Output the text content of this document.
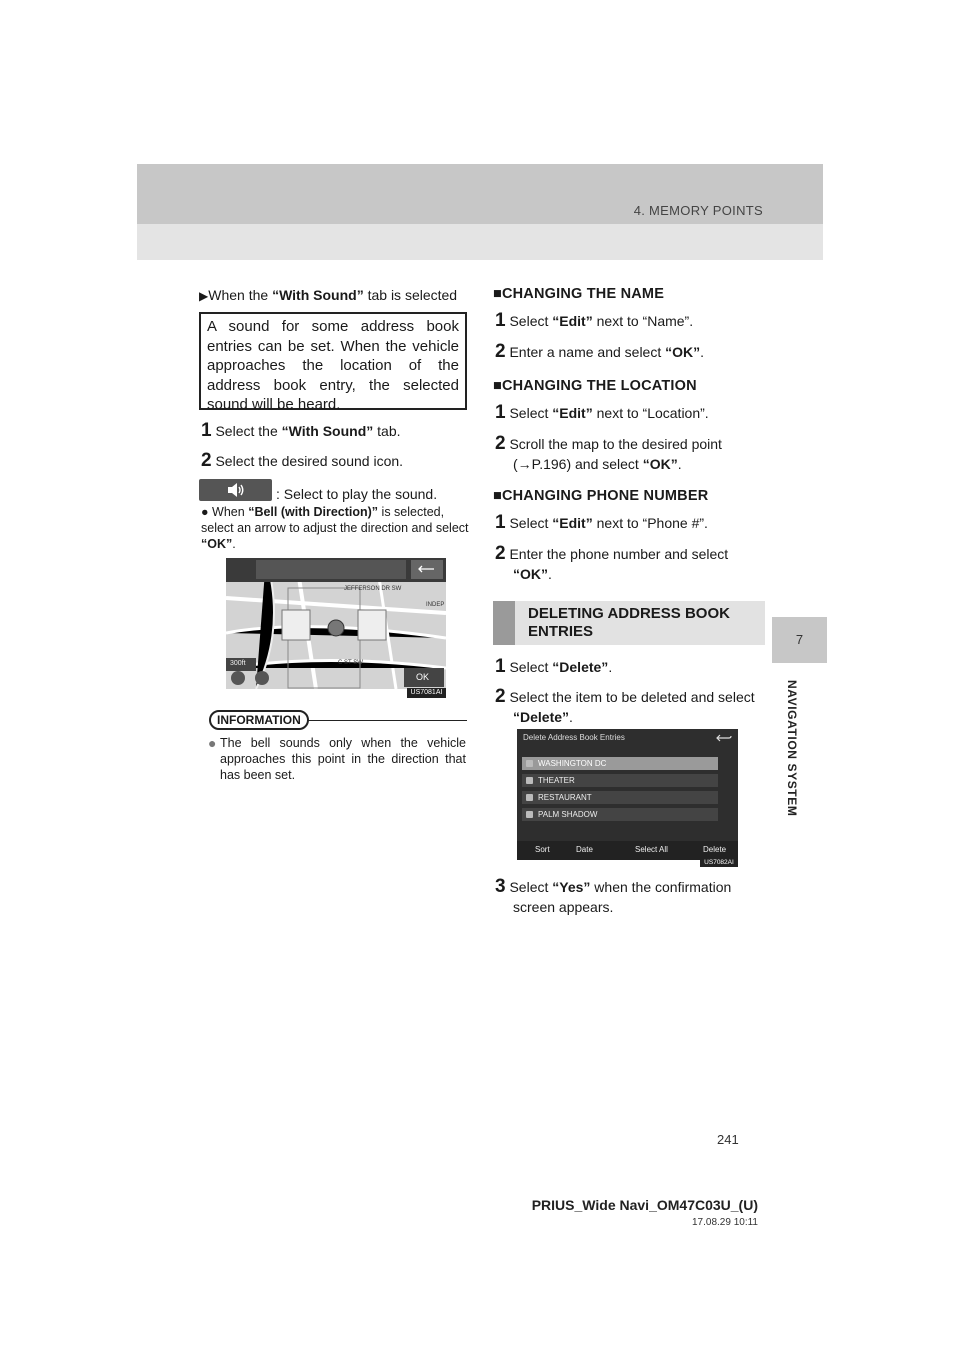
4. MEMORY POINTS
7
NAVIGATION SYSTEM
▶When the “With Sound” tab is selected
A sound for some address book entries can be set. When the vehicle approaches the location of the address book entry, the selected sound will be heard.
1 Select the “With Sound” tab.
2 Select the desired sound icon.
: Select to play the sound.
● When “Bell (with Direction)” is selected, select an arrow to adjust the direction and select “OK”.
JEFFERSON DR SW
C ST SW
INDEP
300ft
OK
US7081AI
INFORMATION
● The bell sounds only when the vehicle approaches this point in the direction that has been set.
■CHANGING THE NAME
1 Select “Edit” next to “Name”.
2 Enter a name and select “OK”.
■CHANGING THE LOCATION
1 Select “Edit” next to “Location”.
2 Scroll the map to the desired point
(→P.196) and select “OK”.
■CHANGING PHONE NUMBER
1 Select “Edit” next to “Phone #”.
2 Enter the phone number and select
“OK”.
DELETING ADDRESS BOOK
ENTRIES
1 Select “Delete”.
2 Select the item to be deleted and select
“Delete”.
Delete Address Book Entries
WASHINGTON DC
THEATER
RESTAURANT
PALM SHADOW
Sort	Date	Select All	Delete
US7082AI
3 Select “Yes” when the confirmation
screen appears.
241
PRIUS_Wide Navi_OM47C03U_(U)
17.08.29 10:11
